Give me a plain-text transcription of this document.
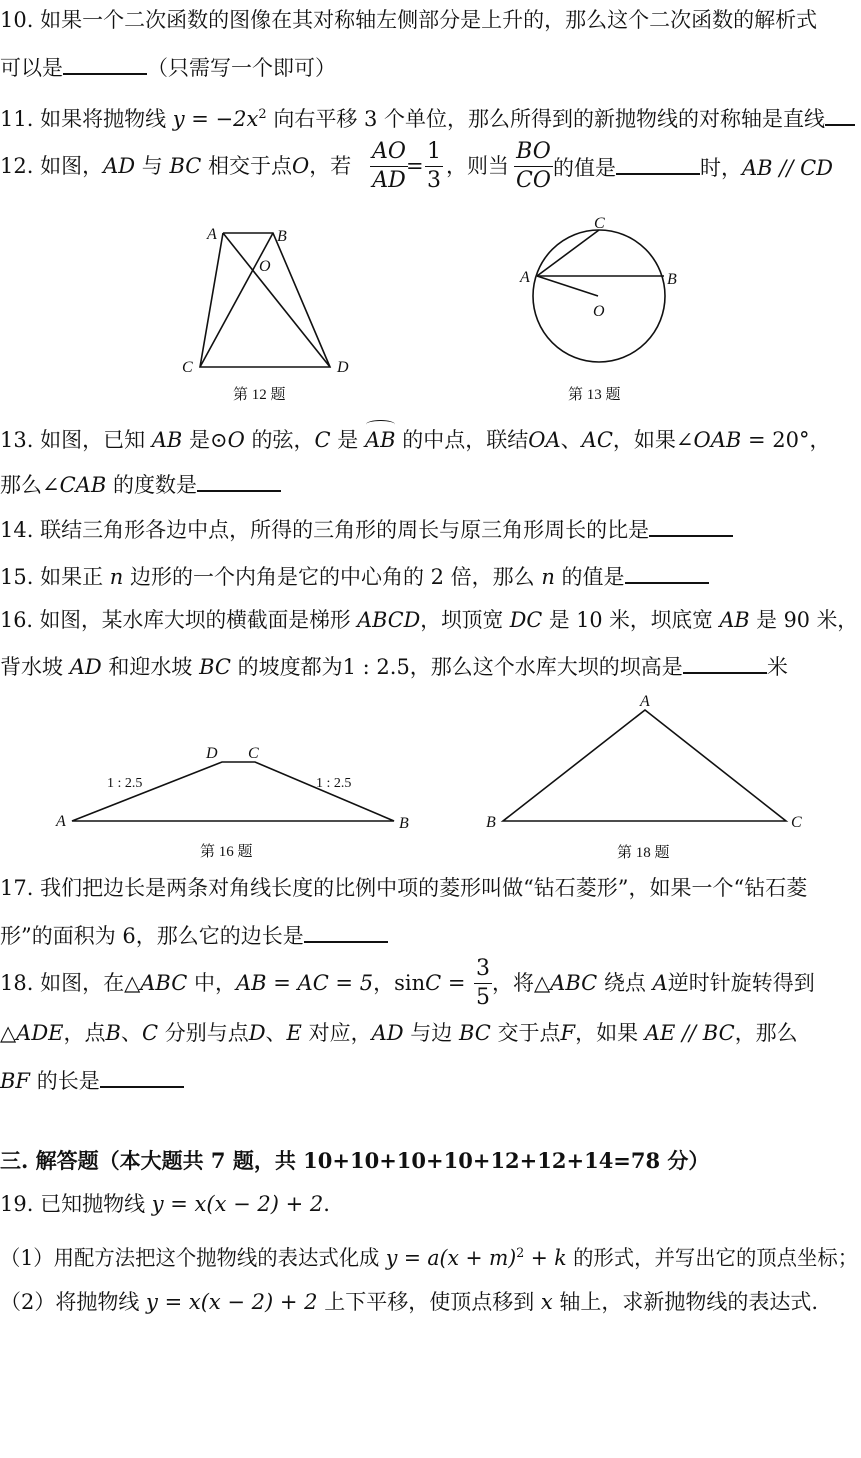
10. 如果一个二次函数的图像在其对称轴左侧部分是上升的，那么这个二次函数的解析式
可以是	（只需写一个即可）
11. 如果将抛物线 $y = -2x^2$ 向右平移 3 个单位，那么所得到的新抛物线的对称轴是直线
12. 如图，AD 与 BC 相交于点O，若 $\frac{AO}{AD}$
= $\frac{1}{3}$ ，则当 $\frac{BO}{CO}$ 的值是	时，AB // CD
A	B
O
C	D
第 12 题
C
A	B
O
第 13 题
13. 如图，已知 AB 是⊙O 的弦，C 是 AB 的中点，联结OA、AC，如果∠OAB = 20°，
那么∠CAB 的度数是
14. 联结三角形各边中点，所得的三角形的周长与原三角形周长的比是
15. 如果正 n 边形的一个内角是它的中心角的 2 倍，那么 n 的值是
16. 如图，某水库大坝的横截面是梯形 ABCD，坝顶宽 DC 是 10 米，坝底宽 AB 是 90 米，
背水坡 AD 和迎水坡 BC 的坡度都为1 : 2.5，那么这个水库大坝的坝高是	米
A	B
D C
1 : 2.5	1 : 2.5
第 16 题
A
B	C
第 18 题
17. 我们把边长是两条对角线长度的比例中项的菱形叫做“钻石菱形”，如果一个“钻石菱
形”的面积为 6，那么它的边长是
18. 如图，在△ABC 中，AB = AC = 5，$\sin C = \frac{3}{5}$ ，将△ABC 绕点 A逆时针旋转得到
△ADE，点B、C 分别与点D、E 对应，AD 与边 BC 交于点F，如果 AE // BC，那么
BF 的长是
三. 解答题（本大题共 7 题，共 10+10+10+10+12+12+14=78 分）
19. 已知抛物线 y = x(x − 2) + 2.
（1）用配方法把这个抛物线的表达式化成 $y = a(x + m)^2 + k$ 的形式，并写出它的顶点坐标；
（2）将抛物线 y = x(x − 2) + 2 上下平移，使顶点移到 x 轴上，求新抛物线的表达式.
